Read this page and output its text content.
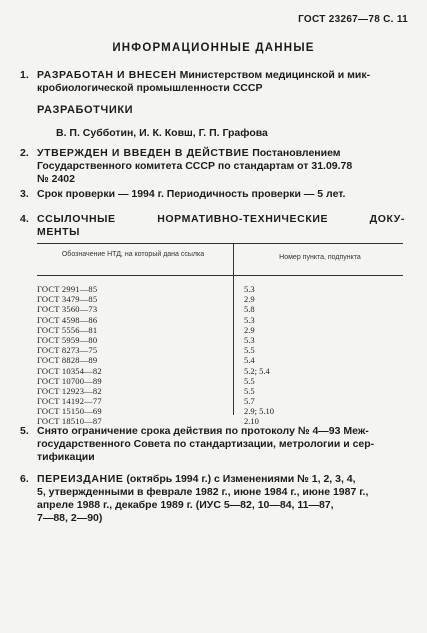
ГОСТ 23267—78 С. 11
ИНФОРМАЦИОННЫЕ ДАННЫЕ
1. РАЗРАБОТАН И ВНЕСЕН Министерством медицинской и мик-
кробиологической промышленности СССР
РАЗРАБОТЧИКИ
В. П. Субботин, И. К. Ковш, Г. П. Графова
2. УТВЕРЖДЕН И ВВЕДЕН В ДЕЙСТВИЕ Постановлением
Государственного комитета СССР по стандартам от 31.09.78
№ 2402
3. Срок проверки — 1994 г. Периодичность проверки — 5 лет.
4. ССЫЛОЧНЫЕ	НОРМАТИВНО-ТЕХНИЧЕСКИЕ	ДОКУ-
МЕНТЫ
Обозначение НТД, на который дана ссылка	Номер пункта, подпункта
ГОСТ 2991—85	5.3
ГОСТ 3479—85	2.9
ГОСТ 3560—73	5.8
ГОСТ 4598—86	5.3
ГОСТ 5556—81	2.9
ГОСТ 5959—80	5.3
ГОСТ 8273—75	5.5
ГОСТ 8828—89	5.4
ГОСТ 10354—82	5.2; 5.4
ГОСТ 10700—89	5.5
ГОСТ 12923—82	5.5
ГОСТ 14192—77	5.7
ГОСТ 15150—69	2.9; 5.10
ГОСТ 18510—87	2.10
5. Снято ограничение срока действия по протоколу № 4—93 Меж-
государственного Совета по стандартизации, метрологии и сер-
тификации
6. ПЕРЕИЗДАНИЕ (октябрь 1994 г.) с Изменениями № 1, 2, 3, 4,
5, утвержденными в феврале 1982 г., июне 1984 г., июне 1987 г.,
апреле 1988 г., декабре 1989 г. (ИУС 5—82, 10—84, 11—87,
7—88, 2—90)
